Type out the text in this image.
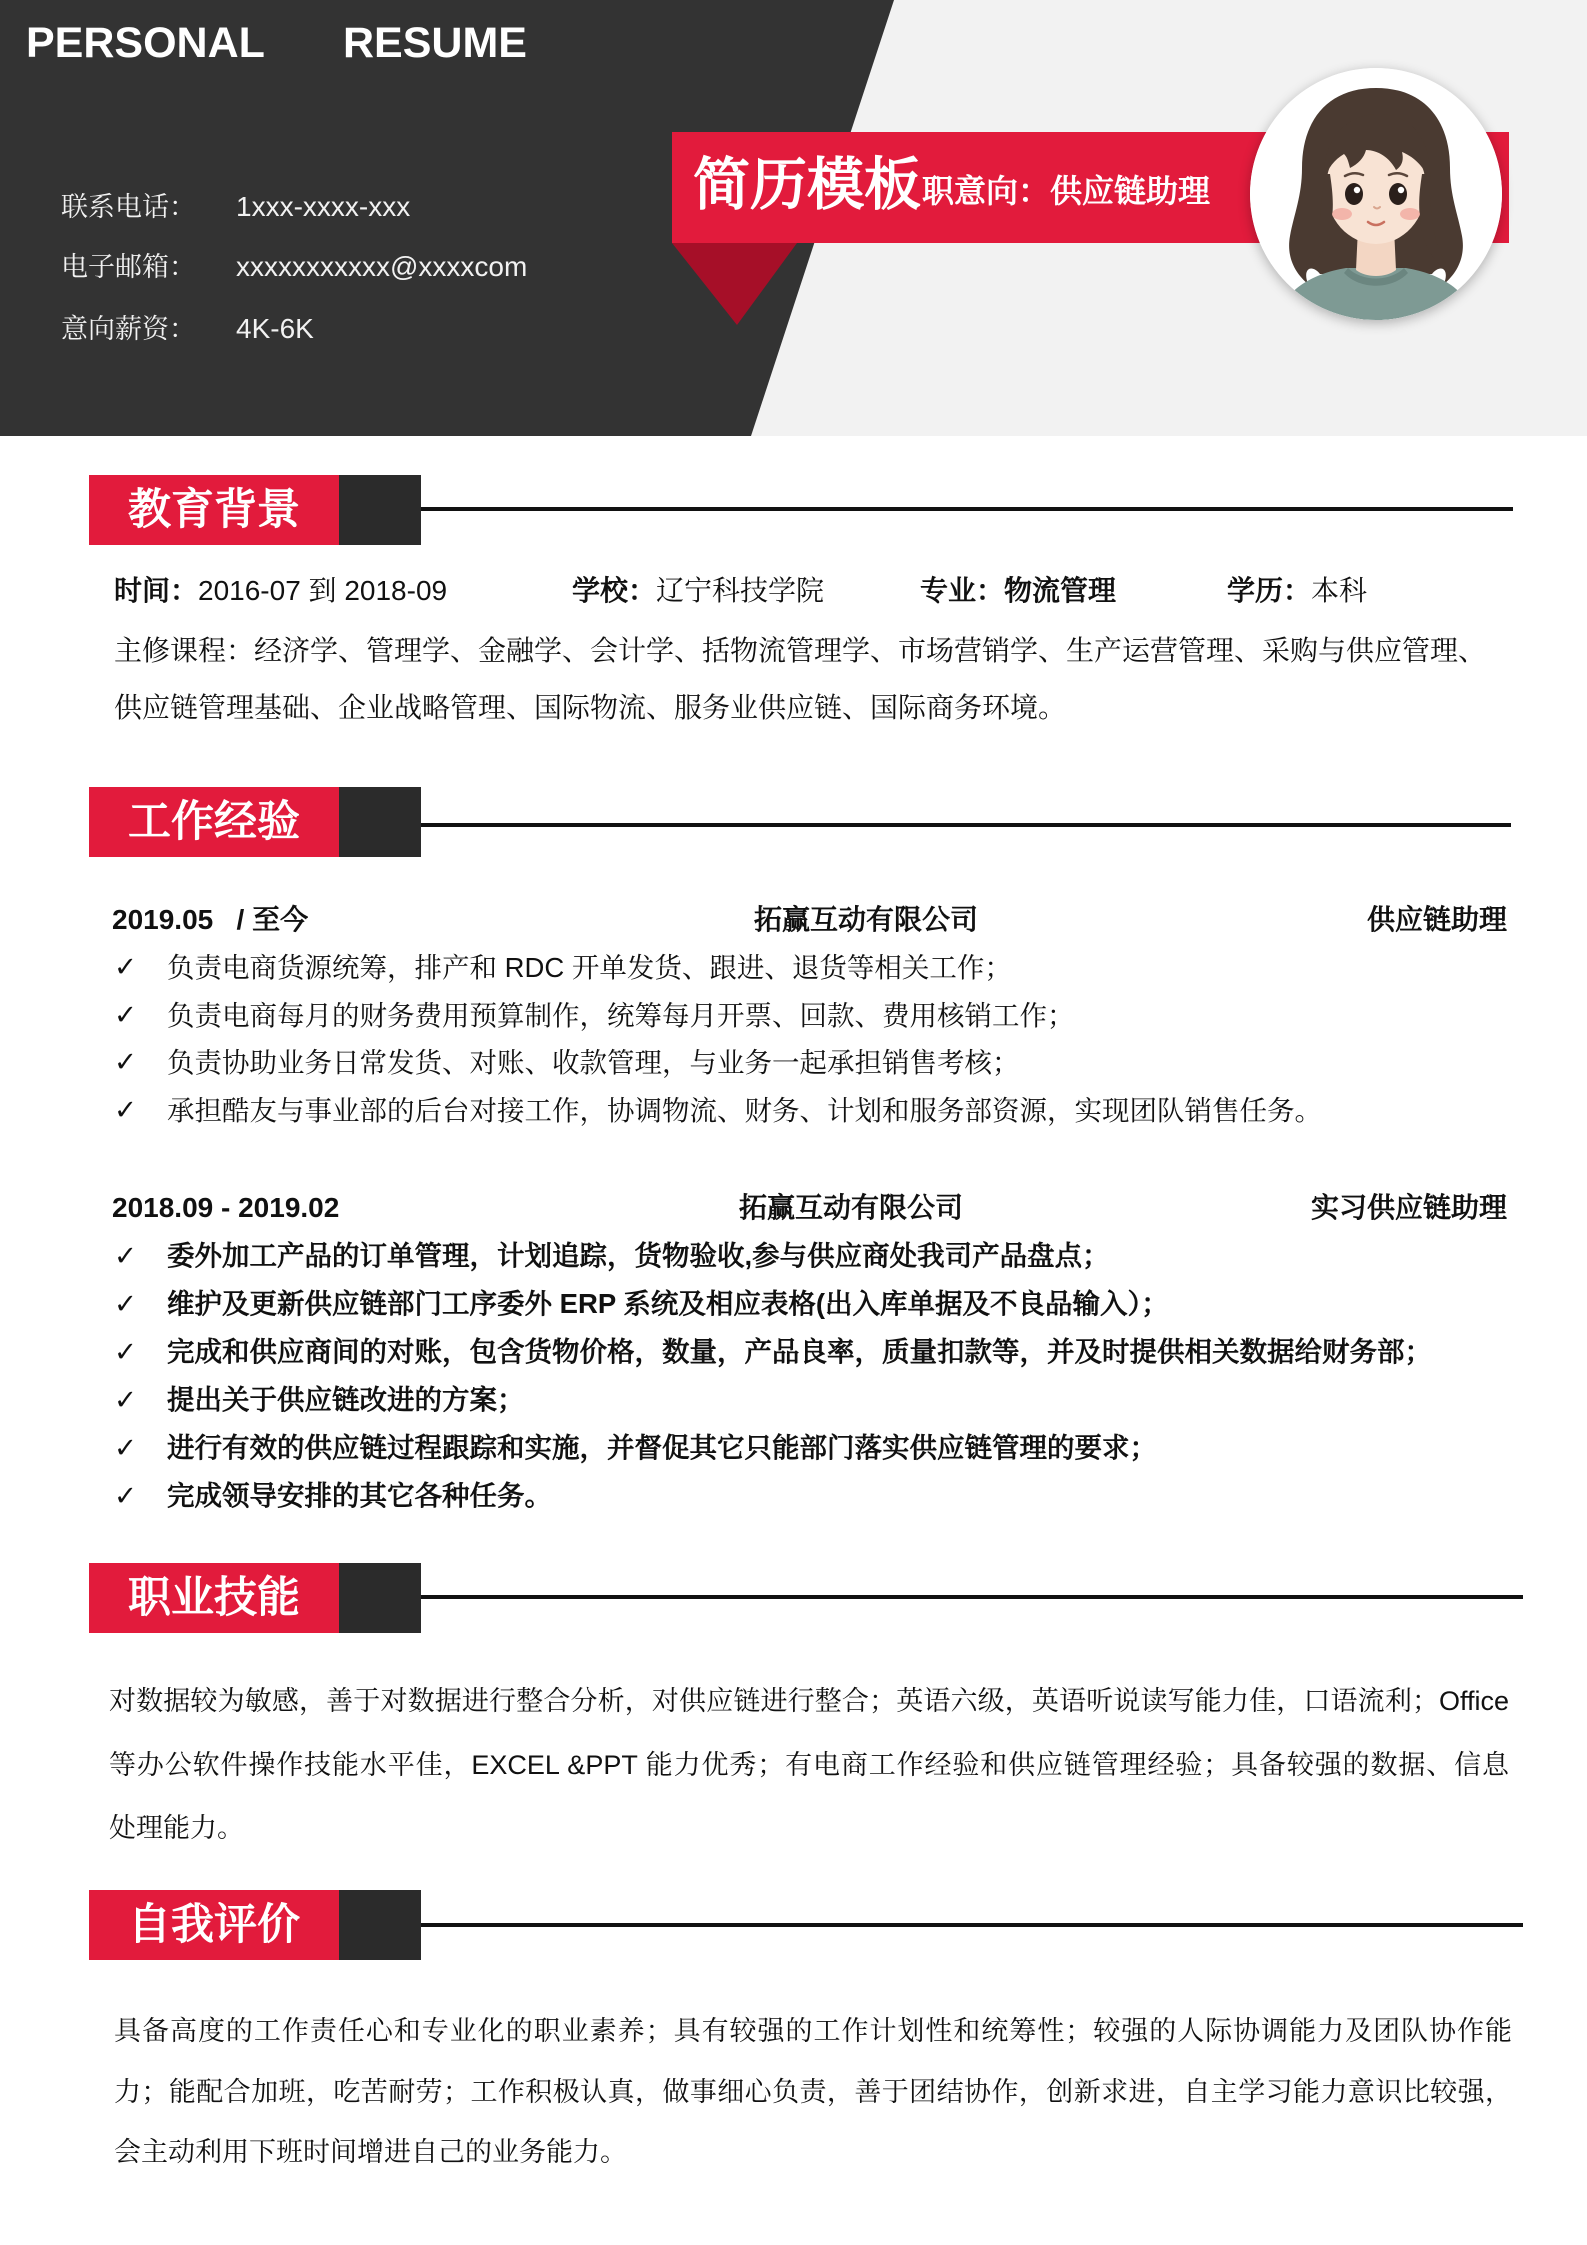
PERSONAL RESUME
联系电话： 1xxx-xxxx-xxx
电子邮箱： xxxxxxxxxxx@xxxxcom
意向薪资： 4K-6K
简历模板 职意向：供应链助理
教育背景
时间：2016-07 到 2018-09	学校：辽宁科技学院	专业：物流管理	学历：本科
主修课程：经济学、管理学、金融学、会计学、括物流管理学、市场营销学、生产运营管理、采购与供应管理、
供应链管理基础、企业战略管理、国际物流、服务业供应链、国际商务环境。
工作经验
2019.05   / 至今	拓赢互动有限公司	供应链助理
✓
负责电商货源统筹，排产和 RDC 开单发货、跟进、退货等相关工作；
✓
负责电商每月的财务费用预算制作，统筹每月开票、回款、费用核销工作；
✓
负责协助业务日常发货、对账、收款管理，与业务一起承担销售考核；
✓
承担酷友与事业部的后台对接工作，协调物流、财务、计划和服务部资源，实现团队销售任务。
2018.09 - 2019.02	拓赢互动有限公司	实习供应链助理
✓
委外加工产品的订单管理，计划追踪，货物验收,参与供应商处我司产品盘点；
✓
维护及更新供应链部门工序委外 ERP 系统及相应表格(出入库单据及不良品输入）；
✓
完成和供应商间的对账，包含货物价格，数量，产品良率，质量扣款等，并及时提供相关数据给财务部；
✓
提出关于供应链改进的方案；
✓
进行有效的供应链过程跟踪和实施，并督促其它只能部门落实供应链管理的要求；
✓
完成领导安排的其它各种任务。
职业技能
对数据较为敏感，善于对数据进行整合分析，对供应链进行整合；英语六级，英语听说读写能力佳，口语流利；Office
等办公软件操作技能水平佳，EXCEL &PPT 能力优秀；有电商工作经验和供应链管理经验；具备较强的数据、信息
处理能力。
自我评价
具备高度的工作责任心和专业化的职业素养；具有较强的工作计划性和统筹性；较强的人际协调能力及团队协作能
力；能配合加班，吃苦耐劳；工作积极认真，做事细心负责，善于团结协作，创新求进，自主学习能力意识比较强，
会主动利用下班时间增进自己的业务能力。
